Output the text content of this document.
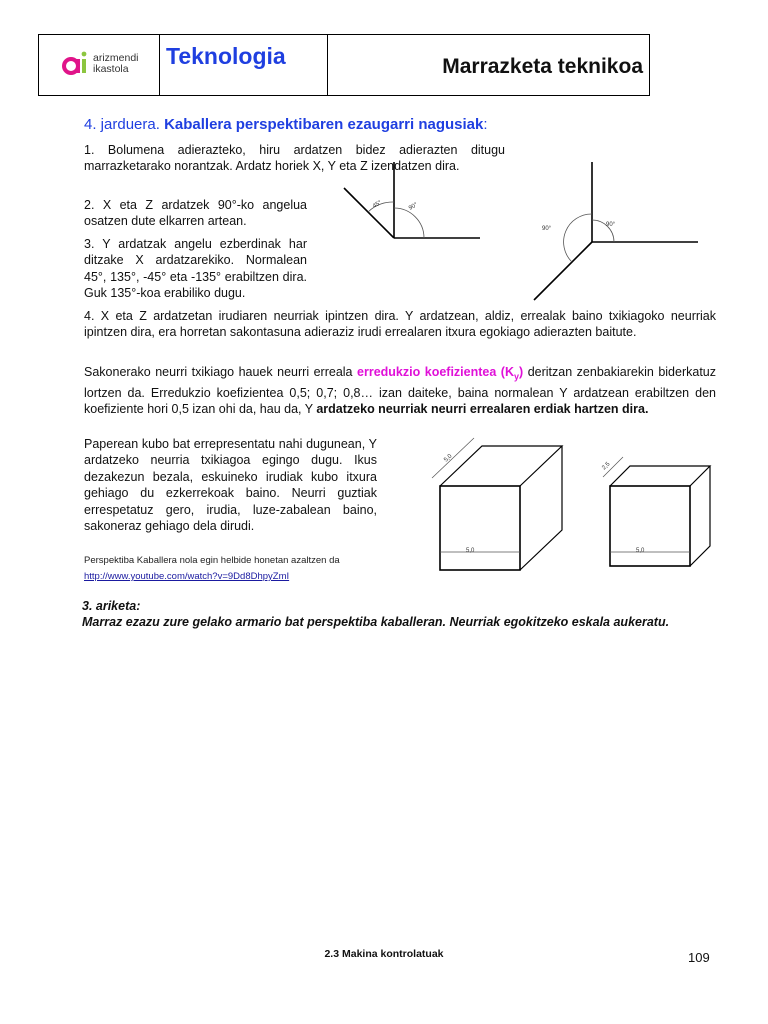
arizmendi
ikastola	Teknologia	Marrazketa teknikoa
4. jarduera. Kaballera perspektibaren ezaugarri nagusiak:
1. Bolumena adierazteko, hiru ardatzen bidez adierazten ditugu marrazketarako norantzak. Ardatz horiek X, Y eta Z izendatzen dira.
2. X eta Z ardatzek 90°-ko angelua osatzen dute elkarren artean.
3. Y ardatzak angelu ezberdinak har ditzake X ardatzarekiko. Normalean 45°, 135°, -45° eta -135° erabiltzen dira. Guk 135°-koa erabiliko dugu.
4. X eta Z ardatzetan irudiaren neurriak ipintzen dira. Y ardatzean, aldiz, errealak baino txikiagoko neurriak ipintzen dira, era horretan sakontasuna adieraziz irudi errealaren itxura egokiago adierazten baitute.
45°	90°
90°
90°
Sakonerako neurri txikiago hauek neurri erreala erredukzio koefizientea $(K_y)$ deritzan zenbakiarekin biderkatuz lortzen da. Erredukzio koefizientea 0,5; 0,7; 0,8… izan daiteke, baina normalean Y ardatzean erabiltzen den koefiziente hori 0,5 izan ohi da, hau da, Y ardatzeko neurriak neurri errealaren erdiak hartzen dira.
Paperean kubo bat errepresentatu nahi dugunean, Y ardatzeko neurria txikiagoa egingo dugu. Ikus dezakezun bezala, eskuineko irudiak kubo itxura gehiago du ezkerrekoak baino. Neurri guztiak errespetatuz gero, irudia, luze-zabalean baino, sakoneraz gehiago dela dirudi.
5,0
5,0
2,5
5,0
Perspektiba Kaballera nola egin helbide honetan azaltzen da
http://www.youtube.com/watch?v=9Dd8DhpyZmI
3. ariketa:
Marraz ezazu zure gelako armario bat perspektiba kaballeran. Neurriak egokitzeko eskala aukeratu.
2.3 Makina kontrolatuak	109
